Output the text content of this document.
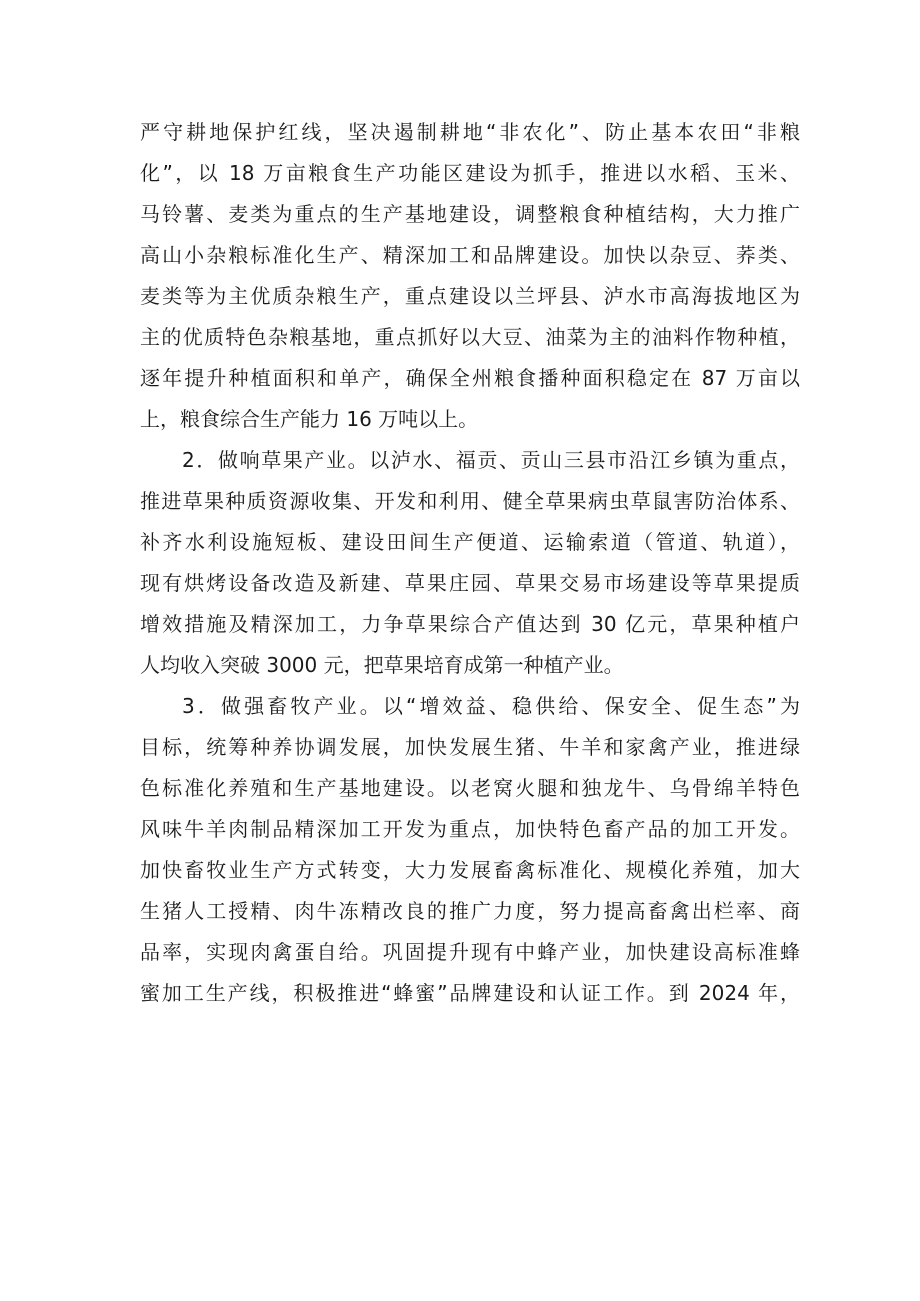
严守耕地保护红线，坚决遏制耕地“非农化”、防止基本农田“非粮
化”，以 18 万亩粮食生产功能区建设为抓手，推进以水稻、玉米、
马铃薯、麦类为重点的生产基地建设，调整粮食种植结构，大力推广
高山小杂粮标准化生产、精深加工和品牌建设。加快以杂豆、荞类、
麦类等为主优质杂粮生产，重点建设以兰坪县、泸水市高海拔地区为
主的优质特色杂粮基地，重点抓好以大豆、油菜为主的油料作物种植，
逐年提升种植面积和单产，确保全州粮食播种面积稳定在 87 万亩以
上，粮食综合生产能力 16 万吨以上。
2．做响草果产业。以泸水、福贡、贡山三县市沿江乡镇为重点，
推进草果种质资源收集、开发和利用、健全草果病虫草鼠害防治体系、
补齐水利设施短板、建设田间生产便道、运输索道（管道、轨道），
现有烘烤设备改造及新建、草果庄园、草果交易市场建设等草果提质
增效措施及精深加工，力争草果综合产值达到 30 亿元，草果种植户
人均收入突破 3000 元，把草果培育成第一种植产业。
3．做强畜牧产业。以“增效益、稳供给、保安全、促生态”为
目标，统筹种养协调发展，加快发展生猪、牛羊和家禽产业，推进绿
色标准化养殖和生产基地建设。以老窝火腿和独龙牛、乌骨绵羊特色
风味牛羊肉制品精深加工开发为重点，加快特色畜产品的加工开发。
加快畜牧业生产方式转变，大力发展畜禽标准化、规模化养殖，加大
生猪人工授精、肉牛冻精改良的推广力度，努力提高畜禽出栏率、商
品率，实现肉禽蛋自给。巩固提升现有中蜂产业，加快建设高标准蜂
蜜加工生产线，积极推进“蜂蜜”品牌建设和认证工作。到 2024 年，
